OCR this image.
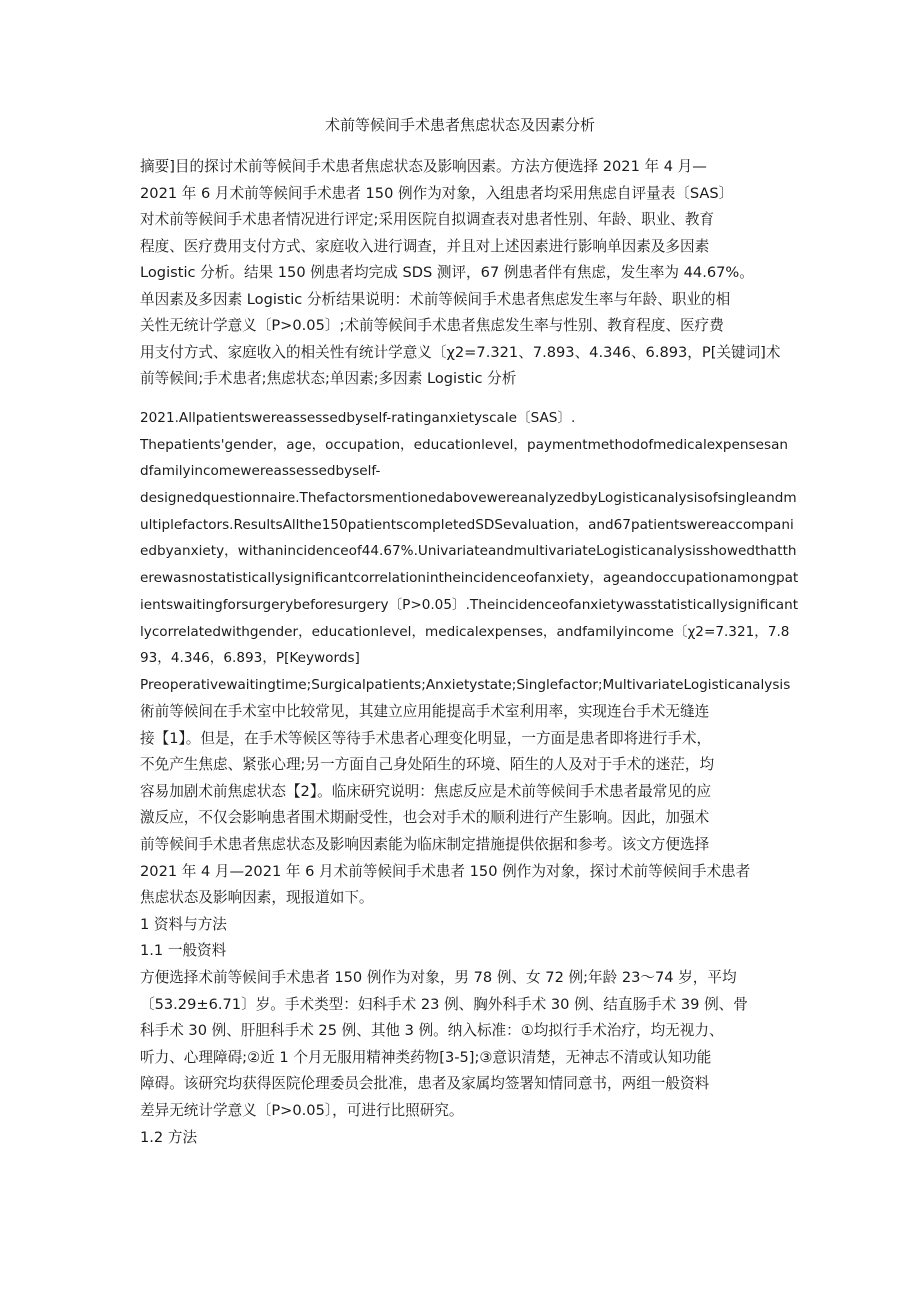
术前等候间手术患者焦虑状态及因素分析
摘要]目的探讨术前等候间手术患者焦虑状态及影响因素。方法方便选择 2021 年 4 月—
2021 年 6 月术前等候间手术患者 150 例作为对象，入组患者均采用焦虑自评量表〔SAS〕
对术前等候间手术患者情况进行评定;采用医院自拟调查表对患者性别、年龄、职业、教育
程度、医疗费用支付方式、家庭收入进行调查，并且对上述因素进行影响单因素及多因素
Logistic 分析。结果 150 例患者均完成 SDS 测评，67 例患者伴有焦虑，发生率为 44.67%。
单因素及多因素 Logistic 分析结果说明：术前等候间手术患者焦虑发生率与年龄、职业的相
关性无统计学意义〔P>0.05〕;术前等候间手术患者焦虑发生率与性别、教育程度、医疗费
用支付方式、家庭收入的相关性有统计学意义〔χ2=7.321、7.893、4.346、6.893，P[关键词]术
前等候间;手术患者;焦虑状态;单因素;多因素 Logistic 分析
2021.Allpatientswereassessedbyself-ratinganxietyscale〔SAS〕.
Thepatients'gender，age，occupation，educationlevel，paymentmethodofmedicalexpensesan
dfamilyincomewereassessedbyself-
designedquestionnaire.ThefactorsmentionedabovewereanalyzedbyLogisticanalysisofsingleandm
ultiplefactors.ResultsAllthe150patientscompletedSDSevaluation，and67patientswereaccompani
edbyanxiety，withanincidenceof44.67%.UnivariateandmultivariateLogisticanalysisshowedthatth
erewasnostatisticallysignificantcorrelationintheincidenceofanxiety，ageandoccupationamongpat
ientswaitingforsurgerybeforesurgery〔P>0.05〕.Theincidenceofanxietywasstatisticallysignificant
lycorrelatedwithgender，educationlevel，medicalexpenses，andfamilyincome〔χ2=7.321，7.8
93，4.346，6.893，P[Keywords]
Preoperativewaitingtime;Surgicalpatients;Anxietystate;Singlefactor;MultivariateLogisticanalysis
術前等候间在手术室中比较常见，其建立应用能提高手术室利用率，实现连台手术无缝连
接【1】。但是，在手术等候区等待手术患者心理变化明显，一方面是患者即将进行手术，
不免产生焦虑、紧张心理;另一方面自己身处陌生的环境、陌生的人及对于手术的迷茫，均
容易加剧术前焦虑状态【2】。临床研究说明：焦虑反应是术前等候间手术患者最常见的应
激反应，不仅会影响患者围术期耐受性，也会对手术的顺利进行产生影响。因此，加强术
前等候间手术患者焦虑状态及影响因素能为临床制定措施提供依据和参考。该文方便选择
2021 年 4 月—2021 年 6 月术前等候间手术患者 150 例作为对象，探讨术前等候间手术患者
焦虑状态及影响因素，现报道如下。
1 资料与方法
1.1 一般资料
方便选择术前等候间手术患者 150 例作为对象，男 78 例、女 72 例;年龄 23～74 岁，平均
〔53.29±6.71〕岁。手术类型：妇科手术 23 例、胸外科手术 30 例、结直肠手术 39 例、骨
科手术 30 例、肝胆科手术 25 例、其他 3 例。纳入标准：①均拟行手术治疗，均无视力、
听力、心理障碍;②近 1 个月无服用精神类药物[3-5];③意识清楚，无神志不清或认知功能
障碍。该研究均获得医院伦理委员会批准，患者及家属均签署知情同意书，两组一般资料
差异无统计学意义〔P>0.05〕，可进行比照研究。
1.2 方法
